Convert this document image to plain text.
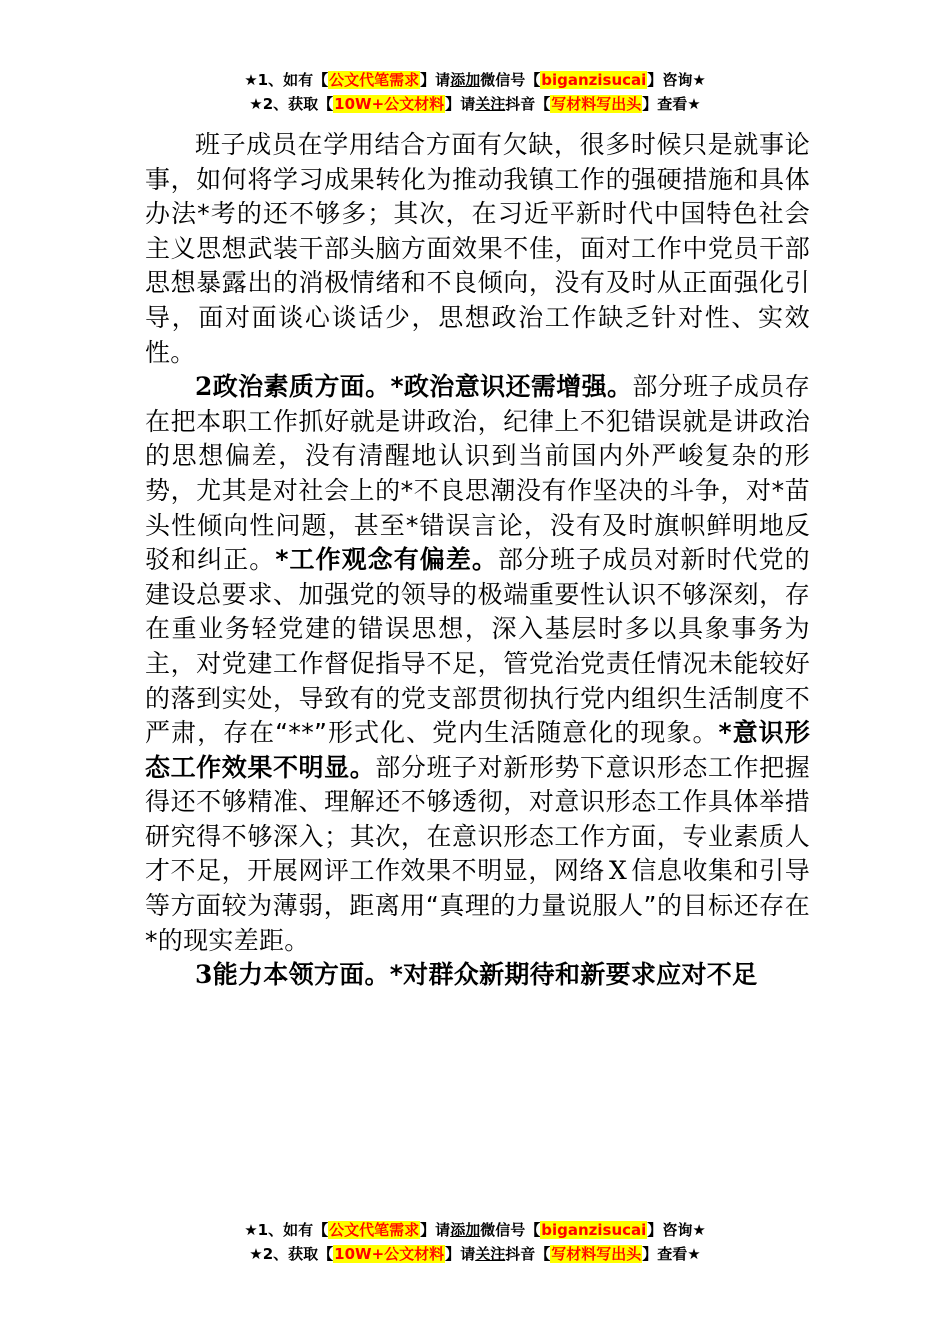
★1、如有【公文代笔需求】请添加微信号【biganzisucai】咨询★
★2、获取【10W+公文材料】请关注抖音【写材料写出头】查看★

班子成员在学用结合方面有欠缺，很多时候只是就事论事，如何将学习成果转化为推动我镇工作的强硬措施和具体办法*考的还不够多；其次，在习近平新时代中国特色社会主义思想武装干部头脑方面效果不佳，面对工作中党员干部思想暴露出的消极情绪和不良倾向，没有及时从正面强化引导，面对面谈心谈话少，思想政治工作缺乏针对性、实效性。

2政治素质方面。*政治意识还需增强。部分班子成员存在把本职工作抓好就是讲政治，纪律上不犯错误就是讲政治的思想偏差，没有清醒地认识到当前国内外严峻复杂的形势，尤其是对社会上的*不良思潮没有作坚决的斗争，对*苗头性倾向性问题，甚至*错误言论，没有及时旗帜鲜明地反驳和纠正。*工作观念有偏差。部分班子成员对新时代党的建设总要求、加强党的领导的极端重要性认识不够深刻，存在重业务轻党建的错误思想，深入基层时多以具象事务为主，对党建工作督促指导不足，管党治党责任情况未能较好的落到实处，导致有的党支部贯彻执行党内组织生活制度不严肃，存在“**”形式化、党内生活随意化的现象。*意识形态工作效果不明显。部分班子对新形势下意识形态工作把握得还不够精准、理解还不够透彻，对意识形态工作具体举措研究得不够深入；其次，在意识形态工作方面，专业素质人才不足，开展网评工作效果不明显，网络 X 信息收集和引导等方面较为薄弱，距离用“真理的力量说服人”的目标还存在*的现实差距。

3能力本领方面。*对群众新期待和新要求应对不足

★1、如有【公文代笔需求】请添加微信号【biganzisucai】咨询★
★2、获取【10W+公文材料】请关注抖音【写材料写出头】查看★
